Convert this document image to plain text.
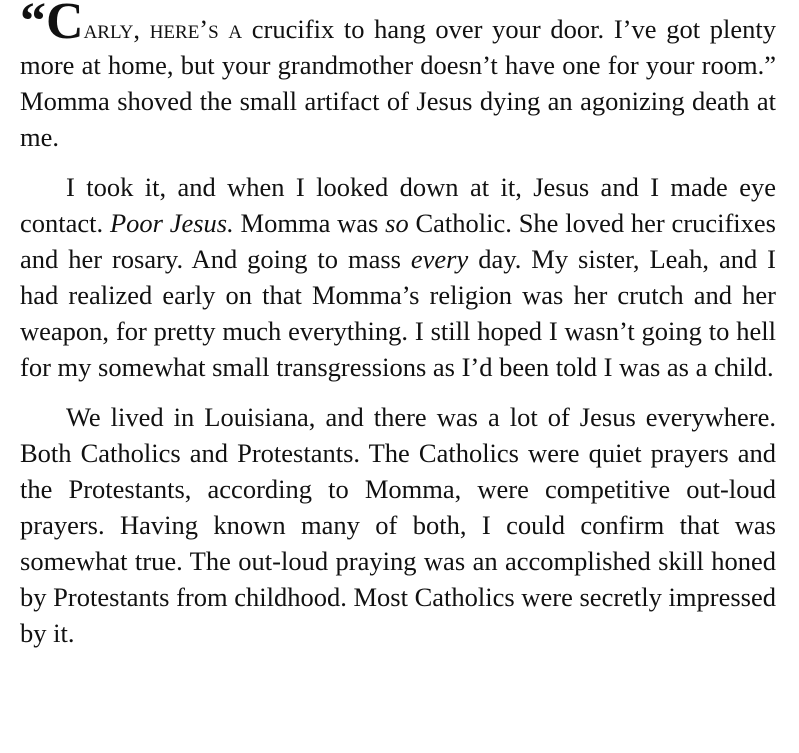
“Carly, here’s a crucifix to hang over your door. I’ve got plenty more at home, but your grandmother doesn’t have one for your room.” Momma shoved the small artifact of Jesus dying an agonizing death at me.

I took it, and when I looked down at it, Jesus and I made eye contact. Poor Jesus. Momma was so Catholic. She loved her crucifixes and her rosary. And going to mass every day. My sister, Leah, and I had realized early on that Momma’s religion was her crutch and her weapon, for pretty much everything. I still hoped I wasn’t going to hell for my somewhat small transgressions as I’d been told I was as a child.

We lived in Louisiana, and there was a lot of Jesus everywhere. Both Catholics and Protestants. The Catholics were quiet prayers and the Protestants, according to Momma, were competitive out-loud prayers. Having known many of both, I could confirm that was somewhat true. The out-loud praying was an accomplished skill honed by Protestants from childhood. Most Catholics were secretly impressed by it.
